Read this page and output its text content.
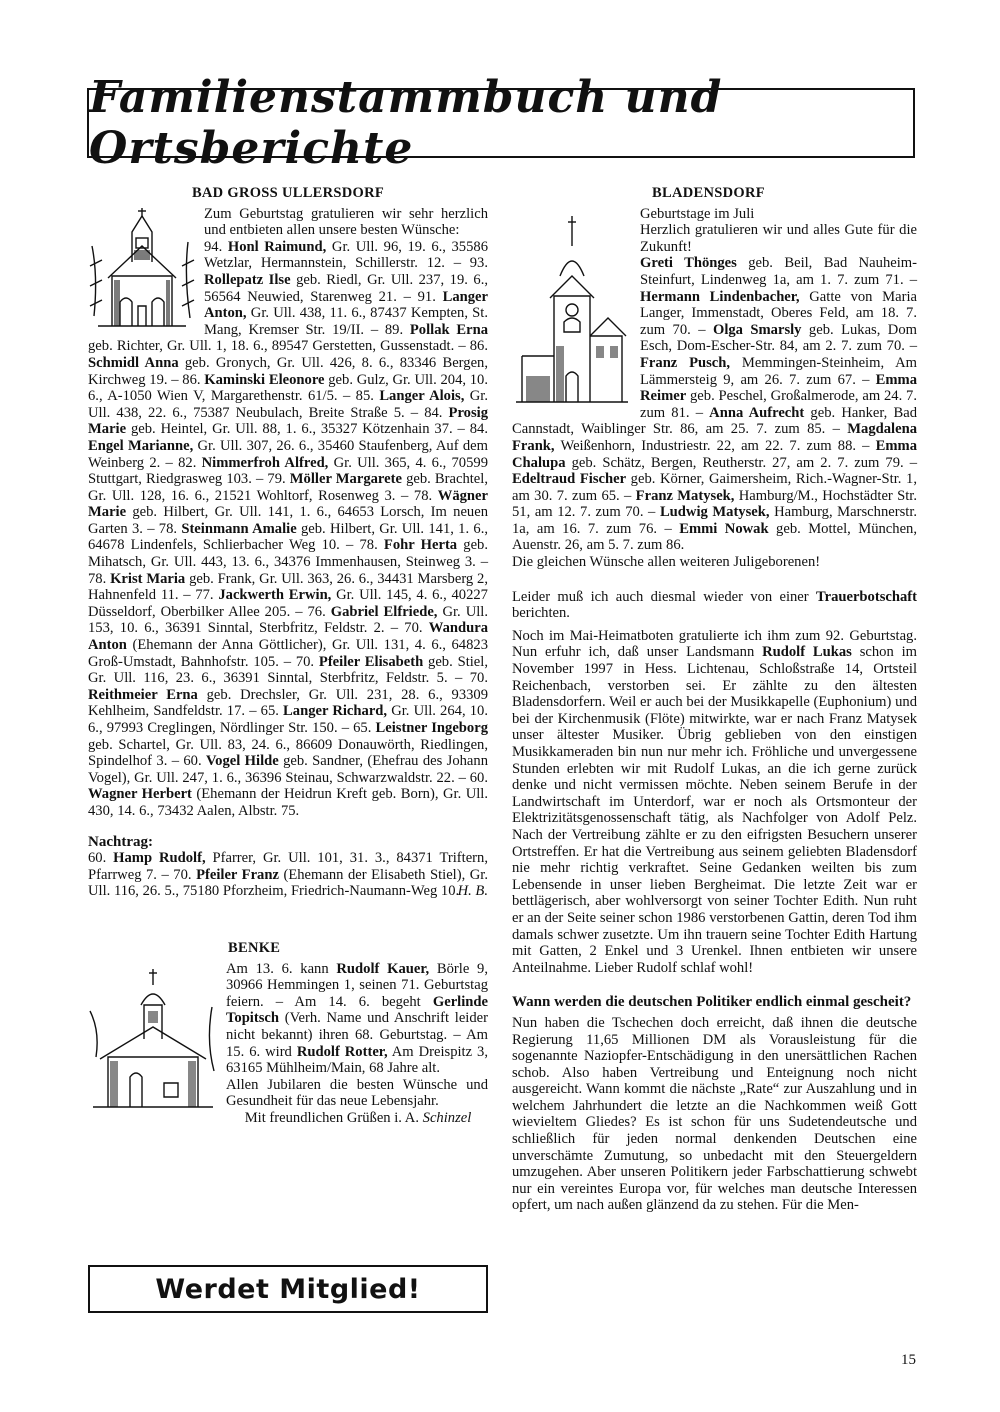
Familienstammbuch und Ortsberichte
BAD GROSS ULLERSDORF

Zum Geburtstag gratulieren wir sehr herzlich und entbieten allen unsere besten Wünsche:

94. Honl Raimund, Gr. Ull. 96, 19. 6., 35586 Wetzlar, Hermannstein, Schillerstr. 12. – 93. Rollepatz Ilse geb. Riedl, Gr. Ull. 237, 19. 6., 56564 Neuwied, Starenweg 21. – 91. Langer Anton, Gr. Ull. 438, 11. 6., 87437 Kempten, St. Mang, Kremser Str. 19/II. – 89. Pollak Erna geb. Richter, Gr. Ull. 1, 18. 6., 89547 Gerstetten, Gussenstadt. – 86. Schmidl Anna geb. Gronych, Gr. Ull. 426, 8. 6., 83346 Bergen, Kirchweg 19. – 86. Kaminski Eleonore geb. Gulz, Gr. Ull. 204, 10. 6., A-1050 Wien V, Margarethenstr. 61/5. – 85. Langer Alois, Gr. Ull. 438, 22. 6., 75387 Neubulach, Breite Straße 5. – 84. Prosig Marie geb. Heintel, Gr. Ull. 88, 1. 6., 35327 Kötzenhain 37. – 84. Engel Marianne, Gr. Ull. 307, 26. 6., 35460 Staufenberg, Auf dem Weinberg 2. – 82. Nimmerfroh Alfred, Gr. Ull. 365, 4. 6., 70599 Stuttgart, Riedgrasweg 103. – 79. Möller Margarete geb. Brachtel, Gr. Ull. 128, 16. 6., 21521 Wohltorf, Rosenweg 3. – 78. Wägner Marie geb. Hilbert, Gr. Ull. 141, 1. 6., 64653 Lorsch, Im neuen Garten 3. – 78. Steinmann Amalie geb. Hilbert, Gr. Ull. 141, 1. 6., 64678 Lindenfels, Schlierbacher Weg 10. – 78. Fohr Herta geb. Mihatsch, Gr. Ull. 443, 13. 6., 34376 Immenhausen, Steinweg 3. – 78. Krist Maria geb. Frank, Gr. Ull. 363, 26. 6., 34431 Marsberg 2, Hahnenfeld 11. – 77. Jackwerth Erwin, Gr. Ull. 145, 4. 6., 40227 Düsseldorf, Oberbilker Allee 205. – 76. Gabriel Elfriede, Gr. Ull. 153, 10. 6., 36391 Sinntal, Sterbfritz, Feldstr. 2. – 70. Wandura Anton (Ehemann der Anna Göttlicher), Gr. Ull. 131, 4. 6., 64823 Groß-Umstadt, Bahnhofstr. 105. – 70. Pfeiler Elisabeth geb. Stiel, Gr. Ull. 116, 23. 6., 36391 Sinntal, Sterbfritz, Feldstr. 5. – 70. Reithmeier Erna geb. Drechsler, Gr. Ull. 231, 28. 6., 93309 Kehlheim, Sandfeldstr. 17. – 65. Langer Richard, Gr. Ull. 264, 10. 6., 97993 Creglingen, Nördlinger Str. 150. – 65. Leistner Ingeborg geb. Schartel, Gr. Ull. 83, 24. 6., 86609 Donauwörth, Riedlingen, Spindelhof 3. – 60. Vogel Hilde geb. Sandner, (Ehefrau des Johann Vogel), Gr. Ull. 247, 1. 6., 36396 Steinau, Schwarzwaldstr. 22. – 60. Wagner Herbert (Ehemann der Heidrun Kreft geb. Born), Gr. Ull. 430, 14. 6., 73432 Aalen, Albstr. 75.

Nachtrag:

60. Hamp Rudolf, Pfarrer, Gr. Ull. 101, 31. 3., 84371 Triftern, Pfarrweg 7. – 70. Pfeiler Franz (Ehemann der Elisabeth Stiel), Gr. Ull. 116, 26. 5., 75180 Pforzheim, Friedrich-Naumann-Weg 10.

H. B.
BENKE

Am 13. 6. kann Rudolf Kauer, Börle 9, 30966 Hemmingen 1, seinen 71. Geburtstag feiern. – Am 14. 6. begeht Gerlinde Topitsch (Verh. Name und Anschrift leider nicht bekannt) ihren 68. Geburtstag. – Am 15. 6. wird Rudolf Rotter, Am Dreispitz 3, 63165 Mühlheim/Main, 68 Jahre alt.

Allen Jubilaren die besten Wünsche und Gesundheit für das neue Lebensjahr.

Mit freundlichen Grüßen i. A. Schinzel

Werdet Mitglied!
BLADENSDORF

Geburtstage im Juli

Herzlich gratulieren wir und alles Gute für die Zukunft!

Greti Thönges geb. Beil, Bad Nauheim-Steinfurt, Lindenweg 1a, am 1. 7. zum 71. – Hermann Lindenbacher, Gatte von Maria Langer, Immenstadt, Oberes Feld, am 18. 7. zum 70. – Olga Smarsly geb. Lukas, Dom Esch, Dom-Escher-Str. 84, am 2. 7. zum 70. – Franz Pusch, Memmingen-Steinheim, Am Lämmersteig 9, am 26. 7. zum 67. – Emma Reimer geb. Peschel, Großalmerode, am 24. 7. zum 81. – Anna Aufrecht geb. Hanker, Bad Cannstadt, Waiblinger Str. 86, am 25. 7. zum 85. – Magdalena Frank, Weißenhorn, Industriestr. 22, am 22. 7. zum 88. – Emma Chalupa geb. Schätz, Bergen, Reutherstr. 27, am 2. 7. zum 79. – Edeltraud Fischer geb. Körner, Gaimersheim, Rich.-Wagner-Str. 1, am 30. 7. zum 65. – Franz Matysek, Hamburg/M., Hochstädter Str. 51, am 12. 7. zum 70. – Ludwig Matysek, Hamburg, Marschnerstr. 1a, am 16. 7. zum 76. – Emmi Nowak geb. Mottel, München, Auenstr. 26, am 5. 7. zum 86.

Die gleichen Wünsche allen weiteren Juligeborenen!

Leider muß ich auch diesmal wieder von einer Trauerbotschaft berichten.

Noch im Mai-Heimatboten gratulierte ich ihm zum 92. Geburtstag. Nun erfuhr ich, daß unser Landsmann Rudolf Lukas schon im November 1997 in Hess. Lichtenau, Schloßstraße 14, Ortsteil Reichenbach, verstorben sei. Er zählte zu den ältesten Bladensdorfern. Weil er auch bei der Musikkapelle (Euphonium) und bei der Kirchenmusik (Flöte) mitwirkte, war er nach Franz Matysek unser ältester Musiker. Übrig geblieben von den einstigen Musikkameraden bin nun nur mehr ich. Fröhliche und unvergessene Stunden erlebten wir mit Rudolf Lukas, an die ich gerne zurück denke und nicht vermissen möchte. Neben seinem Berufe in der Landwirtschaft im Unterdorf, war er noch als Ortsmonteur der Elektrizitätsgenossenschaft tätig, als Nachfolger von Adolf Pelz. Nach der Vertreibung zählte er zu den eifrigsten Besuchern unserer Ortstreffen. Er hat die Vertreibung aus seinem geliebten Bladensdorf nie mehr richtig verkraftet. Seine Gedanken weilten bis zum Lebensende in unser lieben Bergheimat. Die letzte Zeit war er bettlägerisch, aber wohlversorgt von seiner Tochter Edith. Nun ruht er an der Seite seiner schon 1986 verstorbenen Gattin, deren Tod ihm damals schwer zusetzte. Um ihn trauern seine Tochter Edith Hartung mit Gatten, 2 Enkel und 3 Urenkel. Ihnen entbieten wir unsere Anteilnahme. Lieber Rudolf schlaf wohl!

Wann werden die deutschen Politiker endlich einmal gescheit?

Nun haben die Tschechen doch erreicht, daß ihnen die deutsche Regierung 11,65 Millionen DM als Vorausleistung für die sogenannte Naziopfer-Entschädigung in den unersättlichen Rachen schob. Also haben Vertreibung und Enteignung noch nicht ausgereicht. Wann kommt die nächste „Rate“ zur Auszahlung und in welchem Jahrhundert die letzte an die Nachkommen weiß Gott wievieltem Gliedes? Es ist schon für uns Sudetendeutsche und schließlich für jeden normal denkenden Deutschen eine unverschämte Zumutung, so unbedacht mit den Steuergeldern umzugehen. Aber unseren Politikern jeder Farbschattierung schwebt nur ein vereintes Europa vor, für welches man deutsche Interessen opfert, um nach außen glänzend da zu stehen. Für die Men-

15
